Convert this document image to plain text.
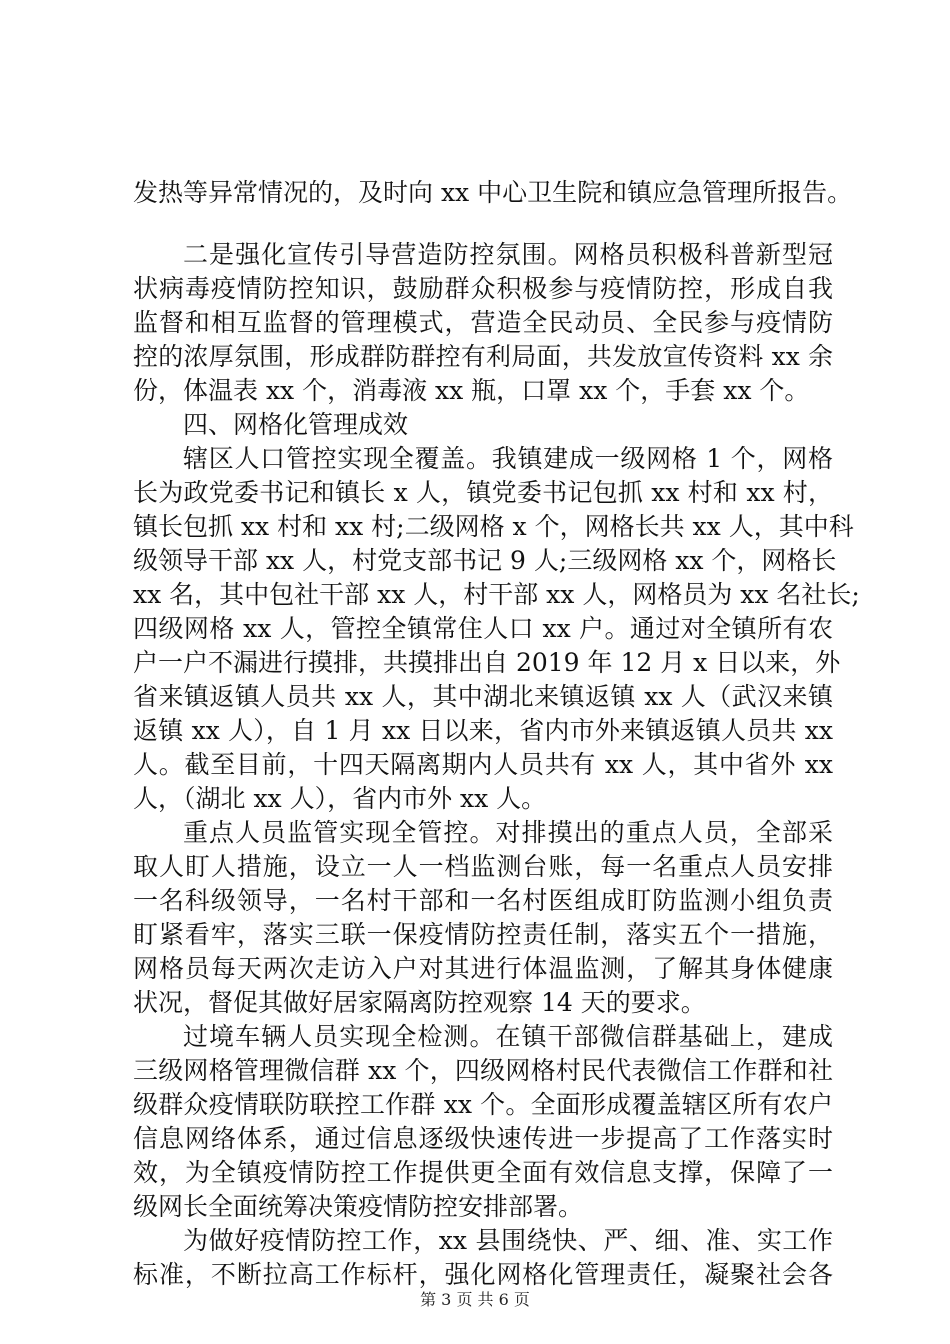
发热等异常情况的，及时向 xx 中心卫生院和镇应急管理所报告。
二是强化宣传引导营造防控氛围。网格员积极科普新型冠
状病毒疫情防控知识，鼓励群众积极参与疫情防控，形成自我
监督和相互监督的管理模式，营造全民动员、全民参与疫情防
控的浓厚氛围，形成群防群控有利局面，共发放宣传资料 xx 余
份，体温表 xx 个，消毒液 xx 瓶，口罩 xx 个，手套 xx 个。
四、网格化管理成效
辖区人口管控实现全覆盖。我镇建成一级网格 1 个，网格
长为政党委书记和镇长 x 人，镇党委书记包抓 xx 村和 xx 村，
镇长包抓 xx 村和 xx 村;二级网格 x 个，网格长共 xx 人，其中科
级领导干部 xx 人，村党支部书记 9 人;三级网格 xx 个，网格长
xx 名，其中包社干部 xx 人，村干部 xx 人，网格员为 xx 名社长;
四级网格 xx 人，管控全镇常住人口 xx 户。通过对全镇所有农
户一户不漏进行摸排，共摸排出自 2019 年 12 月 x 日以来，外
省来镇返镇人员共 xx 人，其中湖北来镇返镇 xx 人（武汉来镇
返镇 xx 人），自 1 月 xx 日以来，省内市外来镇返镇人员共 xx
人。截至目前，十四天隔离期内人员共有 xx 人，其中省外 xx
人，（湖北 xx 人），省内市外 xx 人。
重点人员监管实现全管控。对排摸出的重点人员，全部采
取人盯人措施，设立一人一档监测台账，每一名重点人员安排
一名科级领导，一名村干部和一名村医组成盯防监测小组负责
盯紧看牢，落实三联一保疫情防控责任制，落实五个一措施，
网格员每天两次走访入户对其进行体温监测，了解其身体健康
状况，督促其做好居家隔离防控观察 14 天的要求。
过境车辆人员实现全检测。在镇干部微信群基础上，建成
三级网格管理微信群 xx 个，四级网格村民代表微信工作群和社
级群众疫情联防联控工作群 xx 个。全面形成覆盖辖区所有农户
信息网络体系，通过信息逐级快速传进一步提高了工作落实时
效，为全镇疫情防控工作提供更全面有效信息支撑，保障了一
级网长全面统筹决策疫情防控安排部署。
为做好疫情防控工作，xx 县围绕快、严、细、准、实工作
标准，不断拉高工作标杆，强化网格化管理责任，凝聚社会各
第 3 页 共 6 页
